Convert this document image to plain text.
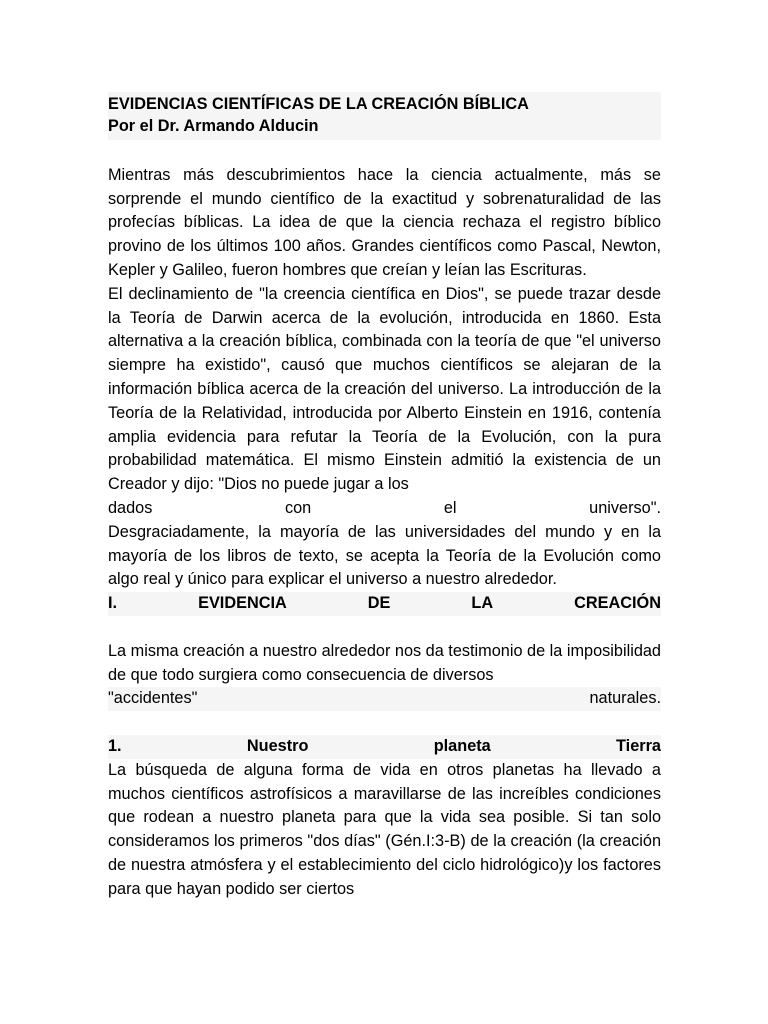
EVIDENCIAS CIENTÍFICAS DE LA CREACIÓN BÍBLICA
Por el Dr. Armando Alducin

Mientras más descubrimientos hace la ciencia actualmente, más se sorprende el mundo científico de la exactitud y sobrenaturalidad de las profecías bíblicas. La idea de que la ciencia rechaza el registro bíblico provino de los últimos 100 años. Grandes científicos como Pascal, Newton, Kepler y Galileo, fueron hombres que creían y leían las Escrituras.

El declinamiento de "la creencia científica en Dios", se puede trazar desde la Teoría de Darwin acerca de la evolución, introducida en 1860. Esta alternativa a la creación bíblica, combinada con la teoría de que "el universo siempre ha existido", causó que muchos científicos se alejaran de la información bíblica acerca de la creación del universo. La introducción de la Teoría de la Relatividad, introducida por Alberto Einstein en 1916, contenía amplia evidencia para refutar la Teoría de la Evolución, con la pura probabilidad matemática. El mismo Einstein admitió la existencia de un Creador y dijo: "Dios no puede jugar a los

dados	con	el	universo".

Desgraciadamente, la mayoría de las universidades del mundo y en la mayoría de los libros de texto, se acepta la Teoría de la Evolución como algo real y único para explicar el universo a nuestro alrededor.

I.	EVIDENCIA	DE	LA	CREACIÓN

La misma creación a nuestro alrededor nos da testimonio de la imposibilidad de que todo surgiera como consecuencia de diversos

"accidentes"	naturales.
1.	Nuestro	planeta	Tierra

La búsqueda de alguna forma de vida en otros planetas ha llevado a muchos científicos astrofísicos a maravillarse de las increíbles condiciones que rodean a nuestro planeta para que la vida sea posible. Si tan solo consideramos los primeros "dos días" (Gén.I:3-B) de la creación (la creación de nuestra atmósfera y el establecimiento del ciclo hidrológico)y los factores para que hayan podido ser ciertos
